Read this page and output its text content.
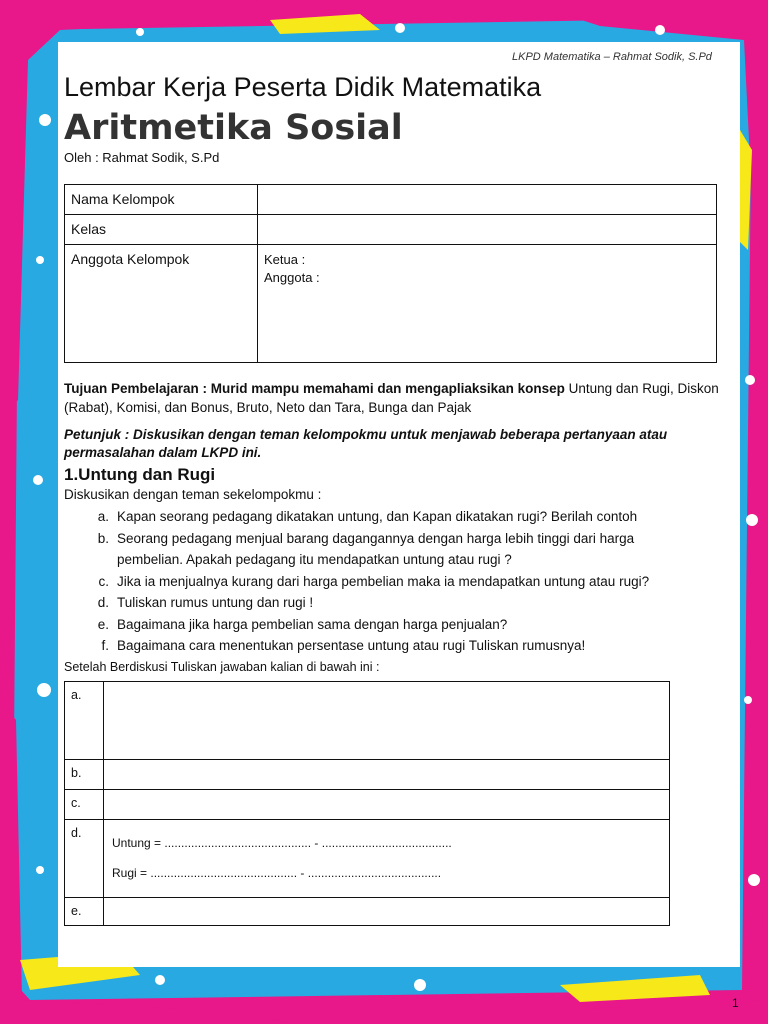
LKPD Matematika – Rahmat Sodik, S.Pd
Lembar Kerja Peserta Didik Matematika
Aritmetika Sosial
Oleh : Rahmat Sodik, S.Pd
Nama Kelompok	
Kelas	
Anggota Kelompok	Ketua :
Anggota :
Tujuan Pembelajaran : Murid mampu memahami dan mengapliaksikan konsep Untung dan Rugi, Diskon (Rabat), Komisi, dan Bonus, Bruto, Neto dan Tara, Bunga dan Pajak
Petunjuk : Diskusikan dengan teman kelompokmu untuk menjawab beberapa pertanyaan atau permasalahan dalam LKPD ini.
1.Untung dan Rugi
Diskusikan dengan teman sekelompokmu :
a. Kapan seorang pedagang dikatakan untung, dan Kapan dikatakan rugi? Berilah contoh
b. Seorang pedagang menjual barang dagangannya dengan harga lebih tinggi dari harga
pembelian. Apakah pedagang itu mendapatkan untung atau rugi ?
c. Jika ia menjualnya kurang dari harga pembelian maka ia mendapatkan untung atau rugi?
d. Tuliskan rumus untung dan rugi !
e. Bagaimana jika harga pembelian sama dengan harga penjualan?
f. Bagaimana cara menentukan persentase untung atau rugi Tuliskan rumusnya!
Setelah Berdiskusi Tuliskan jawaban kalian di bawah ini :
a.	
b.	
c.	
d.	Untung = ............................................ - .......................................
Rugi = ............................................ - ........................................

e.	
1
